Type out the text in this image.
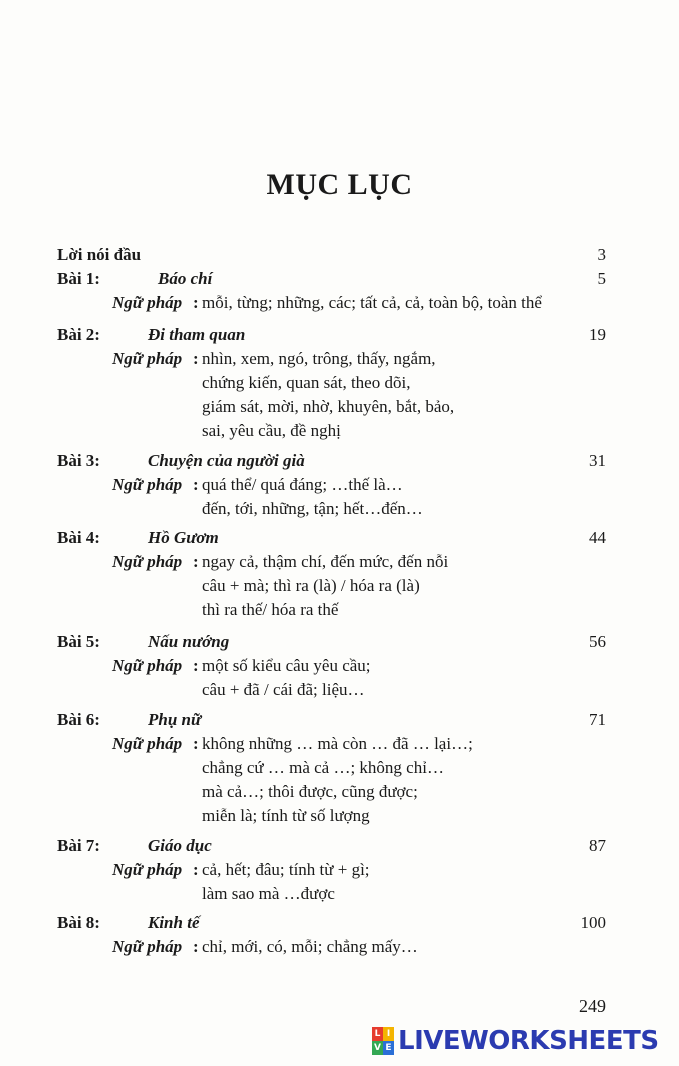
MỤC LỤC
Lời nói đầu	3
Bài 1:	Báo chí	5
Ngữ pháp : mỗi, từng; những, các; tất cả, cả, toàn bộ, toàn thể
Bài 2:	Đi tham quan	19
Ngữ pháp : nhìn, xem, ngó, trông, thấy, ngắm,
chứng kiến, quan sát, theo dõi,
giám sát, mời, nhờ, khuyên, bắt, bảo,
sai, yêu cầu, đề nghị
Bài 3:	Chuyện của người già	31
Ngữ pháp : quá thể/ quá đáng; …thế là…
đến, tới, những, tận; hết…đến…
Bài 4:	Hồ Gươm	44
Ngữ pháp : ngay cả, thậm chí, đến mức, đến nỗi
câu + mà; thì ra (là) / hóa ra (là)
thì ra thế/ hóa ra thế
Bài 5:	Nấu nướng	56
Ngữ pháp : một số kiểu câu yêu cầu;
câu + đã / cái đã; liệu…
Bài 6:	Phụ nữ	71
Ngữ pháp : không những … mà còn … đã … lại…;
chẳng cứ … mà cả …; không chỉ…
mà cả…; thôi được, cũng được;
miễn là; tính từ số lượng
Bài 7:	Giáo dục	87
Ngữ pháp : cả, hết; đâu; tính từ + gì;
làm sao mà …được
Bài 8:	Kinh tế	100
Ngữ pháp : chỉ, mới, có, mỗi; chẳng mấy…
249
L I
V E LIVEWORKSHEETS
